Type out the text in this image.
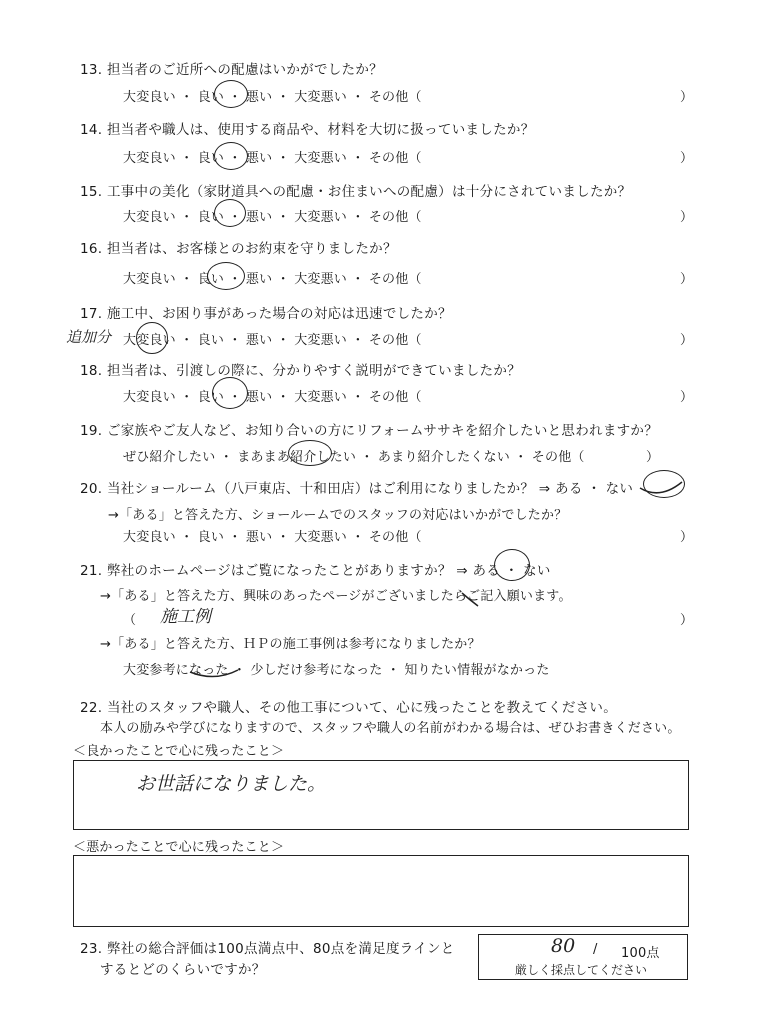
13. 担当者のご近所への配慮はいかがでしたか？
大変良い ・ 良い ・ 悪い ・ 大変悪い ・ その他（	）
14. 担当者や職人は、使用する商品や、材料を大切に扱っていましたか？
大変良い ・ 良い ・ 悪い ・ 大変悪い ・ その他（	）
15. 工事中の美化（家財道具への配慮・お住まいへの配慮）は十分にされていましたか？
大変良い ・ 良い ・ 悪い ・ 大変悪い ・ その他（	）
16. 担当者は、お客様とのお約束を守りましたか？
大変良い ・ 良い ・ 悪い ・ 大変悪い ・ その他（	）
17. 施工中、お困り事があった場合の対応は迅速でしたか？
追加分 大変良い ・ 良い ・ 悪い ・ 大変悪い ・ その他（	）
18. 担当者は、引渡しの際に、分かりやすく説明ができていましたか？
大変良い ・ 良い ・ 悪い ・ 大変悪い ・ その他（	）
19. ご家族やご友人など、お知り合いの方にリフォームササキを紹介したいと思われますか？
ぜひ紹介したい ・ まあまあ紹介したい ・ あまり紹介したくない ・ その他（	）
20. 当社ショールーム（八戸東店、十和田店）はご利用になりましたか？ ⇒ ある ・ ない
→「ある」と答えた方、ショールームでのスタッフの対応はいかがでしたか？
大変良い ・ 良い ・ 悪い ・ 大変悪い ・ その他（	）
21. 弊社のホームページはご覧になったことがありますか？ ⇒ ある ・ ない
→「ある」と答えた方、興味のあったページがございましたらご記入願います。
（ 施工例	）
→「ある」と答えた方、ＨＰの施工事例は参考になりましたか？
大変参考になった ・ 少しだけ参考になった ・ 知りたい情報がなかった
22. 当社のスタッフや職人、その他工事について、心に残ったことを教えてください。
本人の励みや学びになりますので、スタッフや職人の名前がわかる場合は、ぜひお書きください。
＜良かったことで心に残ったこと＞
お世話になりました。
＜悪かったことで心に残ったこと＞
23. 弊社の総合評価は100点満点中、80点を満足度ラインと
するとどのくらいですか？
80 / 100点
厳しく採点してください
